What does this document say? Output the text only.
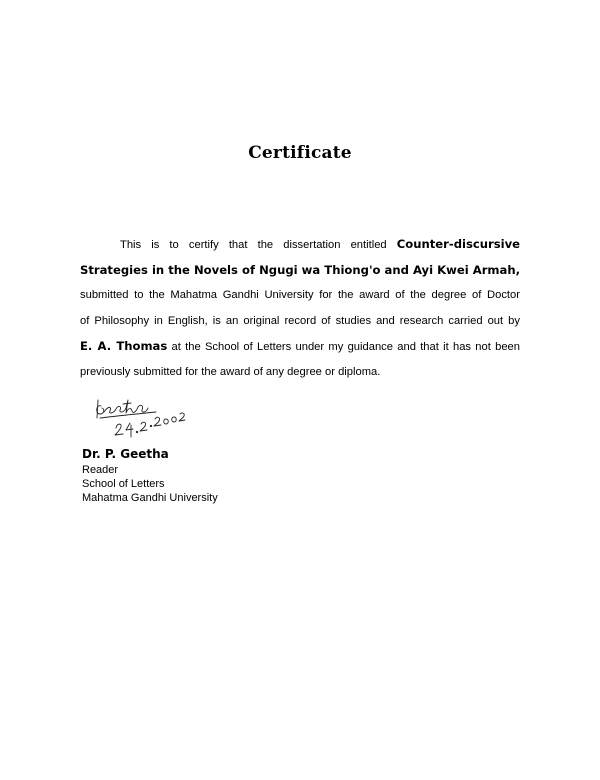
Certificate
This is to certify that the dissertation entitled Counter-discursive
Strategies in the Novels of Ngugi wa Thiong'o and Ayi Kwei Armah,
submitted to the Mahatma Gandhi University for the award of the degree of Doctor
of Philosophy in English, is an original record of studies and research carried out by
E. A. Thomas at the School of Letters under my guidance and that it has not been
previously submitted for the award of any degree or diploma.
Dr. P. Geetha
Reader
School of Letters
Mahatma Gandhi University
